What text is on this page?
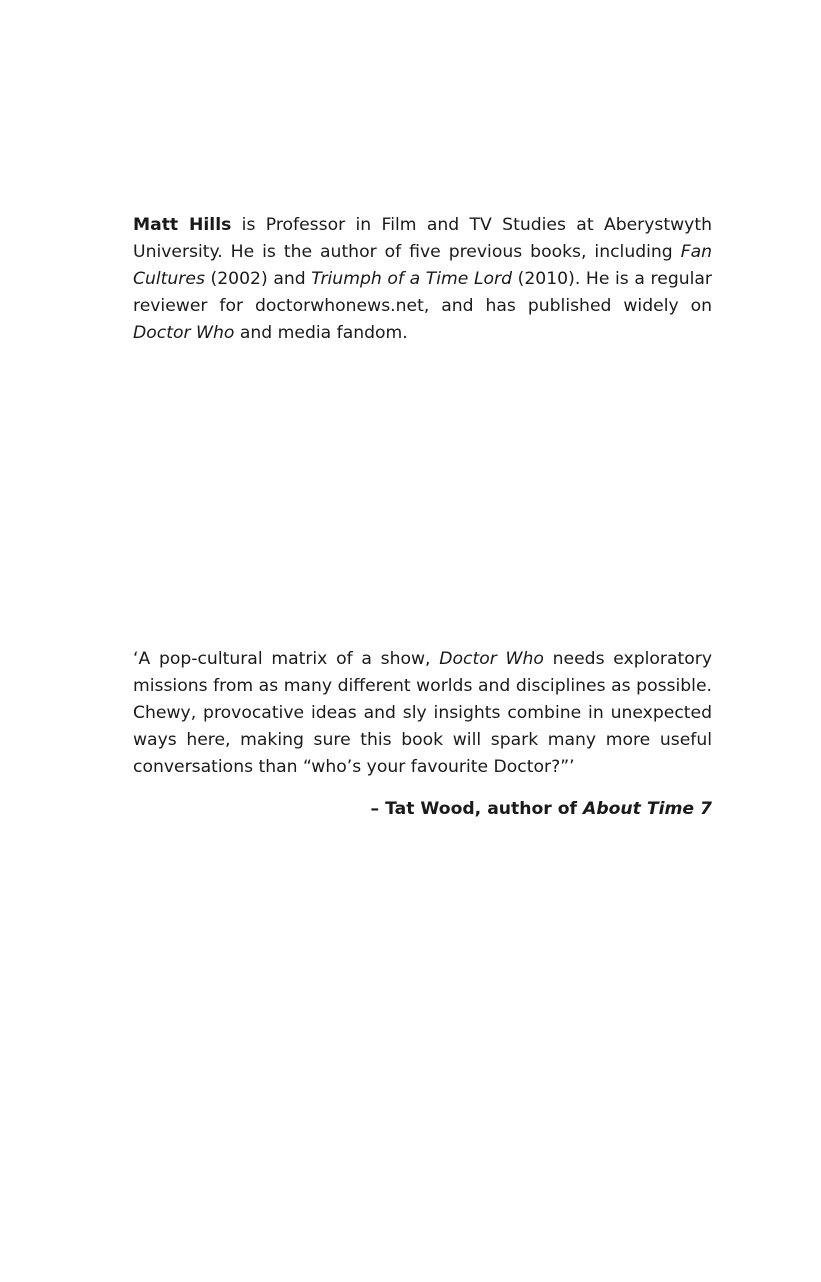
Matt Hills is Professor in Film and TV Studies at Aberystwyth University. He is the author of five previous books, including Fan Cultures (2002) and Triumph of a Time Lord (2010). He is a regular reviewer for doctorwhonews.net, and has published widely on Doctor Who and media fandom.

‘A pop-cultural matrix of a show, Doctor Who needs exploratory missions from as many different worlds and disciplines as possible. Chewy, provocative ideas and sly insights combine in unexpected ways here, making sure this book will spark many more useful conversations than “who’s your favourite Doctor?”’

– Tat Wood, author of About Time 7
